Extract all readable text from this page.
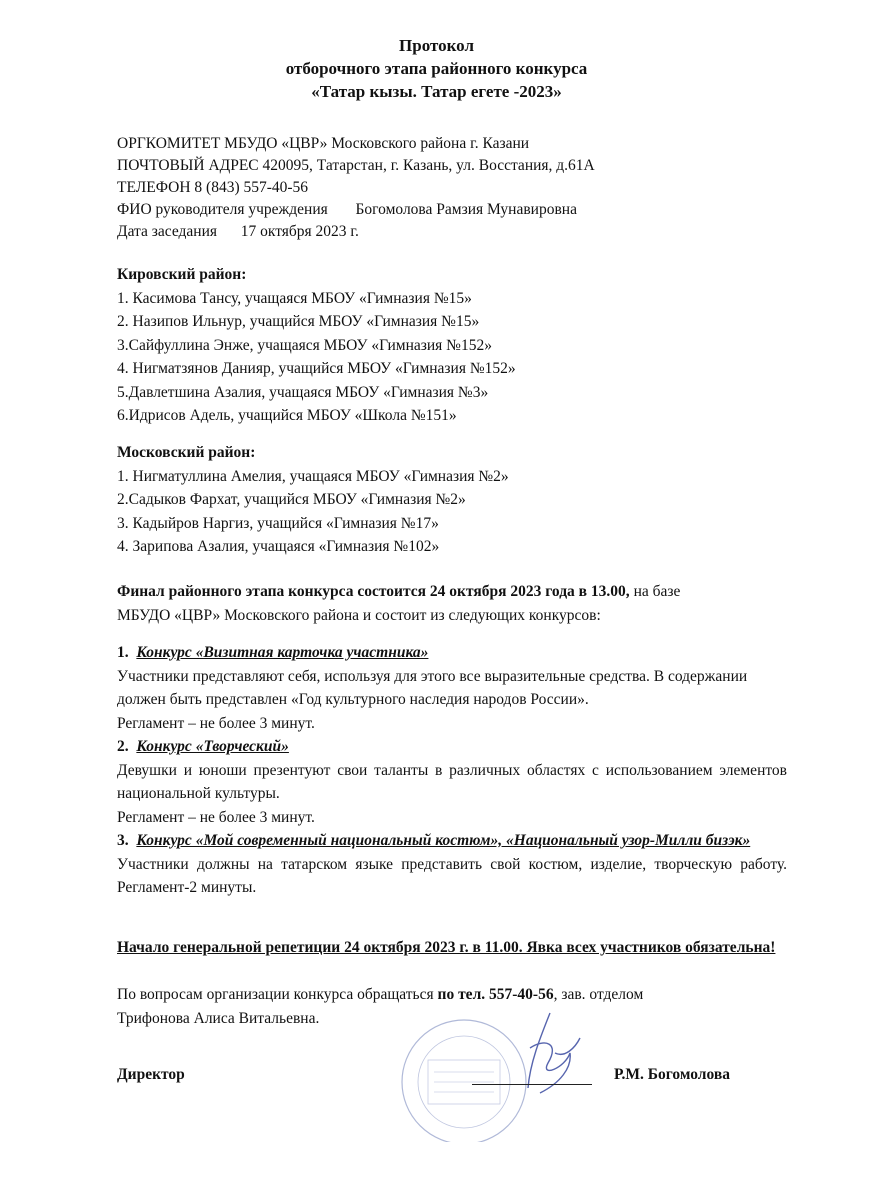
Протокол
отборочного этапа районного конкурса
«Татар кызы. Татар егете -2023»
ОРГКОМИТЕТ МБУДО «ЦВР» Московского района г. Казани
ПОЧТОВЫЙ АДРЕС 420095, Татарстан, г. Казань, ул. Восстания, д.61А
ТЕЛЕФОН 8 (843) 557-40-56
ФИО руководителя учреждения Богомолова Рамзия Мунавировна
Дата заседания 17 октября 2023 г.
Кировский район:
1. Касимова Тансу, учащаяся МБОУ «Гимназия №15»
2. Назипов Ильнур, учащийся МБОУ «Гимназия №15»
3.Сайфуллина Энже, учащаяся МБОУ «Гимназия №152»
4. Нигматзянов Данияр, учащийся МБОУ «Гимназия №152»
5.Давлетшина Азалия, учащаяся МБОУ «Гимназия №3»
6.Идрисов Адель, учащийся МБОУ «Школа №151»
Московский район:
1. Нигматуллина Амелия, учащаяся МБОУ «Гимназия №2»
2.Садыков Фархат, учащийся МБОУ «Гимназия №2»
3. Кадыйров Наргиз, учащийся «Гимназия №17»
4. Зарипова Азалия, учащаяся «Гимназия №102»
Финал районного этапа конкурса состоится 24 октября 2023 года в 13.00, на базе
МБУДО «ЦВР» Московского района и состоит из следующих конкурсов:
1. Конкурс «Визитная карточка участника»
Участники представляют себя, используя для этого все выразительные средства. В содержании должен быть представлен «Год культурного наследия народов России».
Регламент – не более 3 минут.
2. Конкурс «Творческий»
Девушки и юноши презентуют свои таланты в различных областях с использованием элементов национальной культуры.
Регламент – не более 3 минут.
3. Конкурс «Мой современный национальный костюм», «Национальный узор-Милли бизэк»
Участники должны на татарском языке представить свой костюм, изделие, творческую работу. Регламент-2 минуты.
Начало генеральной репетиции 24 октября 2023 г. в 11.00. Явка всех участников обязательна!
По вопросам организации конкурса обращаться по тел. 557-40-56, зав. отделом
Трифонова Алиса Витальевна.
Директор	Р.М. Богомолова
